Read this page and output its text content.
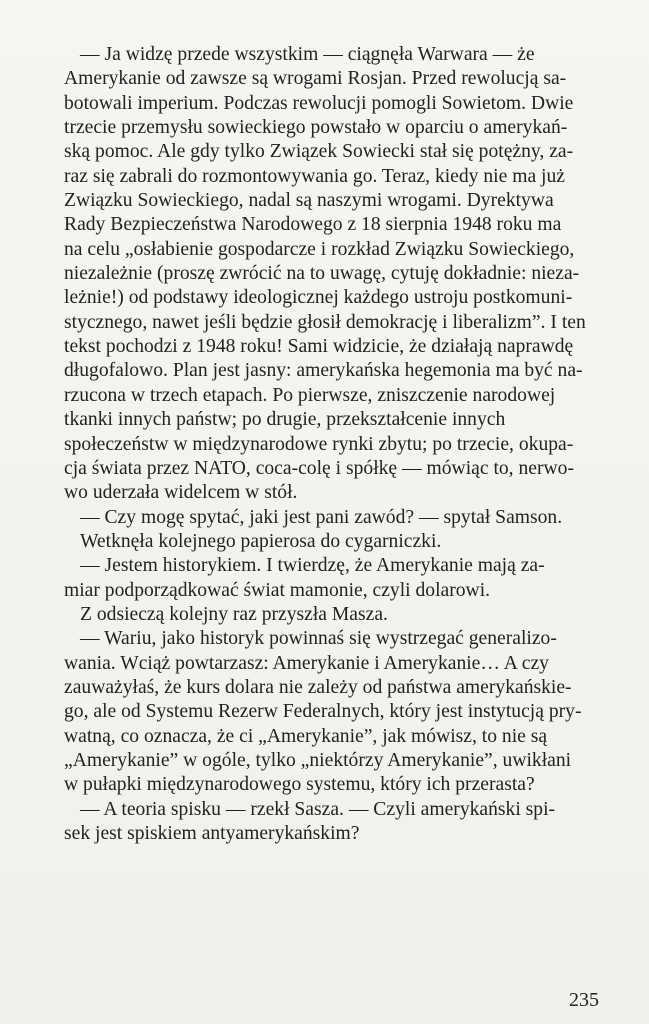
— Ja widzę przede wszystkim — ciągnęła Warwara — że
Amerykanie od zawsze są wrogami Rosjan. Przed rewolucją sa-
botowali imperium. Podczas rewolucji pomogli Sowietom. Dwie
trzecie przemysłu sowieckiego powstało w oparciu o amerykań-
ską pomoc. Ale gdy tylko Związek Sowiecki stał się potężny, za-
raz się zabrali do rozmontowywania go. Teraz, kiedy nie ma już
Związku Sowieckiego, nadal są naszymi wrogami. Dyrektywa
Rady Bezpieczeństwa Narodowego z 18 sierpnia 1948 roku ma
na celu „osłabienie gospodarcze i rozkład Związku Sowieckiego,
niezależnie (proszę zwrócić na to uwagę, cytuję dokładnie: nieza-
leżnie!) od podstawy ideologicznej każdego ustroju postkomuni-
stycznego, nawet jeśli będzie głosił demokrację i liberalizm”. I ten
tekst pochodzi z 1948 roku! Sami widzicie, że działają naprawdę
długofalowo. Plan jest jasny: amerykańska hegemonia ma być na-
rzucona w trzech etapach. Po pierwsze, zniszczenie narodowej
tkanki innych państw; po drugie, przekształcenie innych
społeczeństw w międzynarodowe rynki zbytu; po trzecie, okupa-
cja świata przez NATO, coca-colę i spółkę — mówiąc to, nerwo-
wo uderzała widelcem w stół.
— Czy mogę spytać, jaki jest pani zawód? — spytał Samson.
Wetknęła kolejnego papierosa do cygarniczki.
— Jestem historykiem. I twierdzę, że Amerykanie mają za-
miar podporządkować świat mamonie, czyli dolarowi.
Z odsieczą kolejny raz przyszła Masza.
— Wariu, jako historyk powinnaś się wystrzegać generalizo-
wania. Wciąż powtarzasz: Amerykanie i Amerykanie… A czy
zauważyłaś, że kurs dolara nie zależy od państwa amerykańskie-
go, ale od Systemu Rezerw Federalnych, który jest instytucją pry-
watną, co oznacza, że ci „Amerykanie”, jak mówisz, to nie są
„Amerykanie” w ogóle, tylko „niektórzy Amerykanie”, uwikłani
w pułapki międzynarodowego systemu, który ich przerasta?
— A teoria spisku — rzekł Sasza. — Czyli amerykański spi-
sek jest spiskiem antyamerykańskim?
235
